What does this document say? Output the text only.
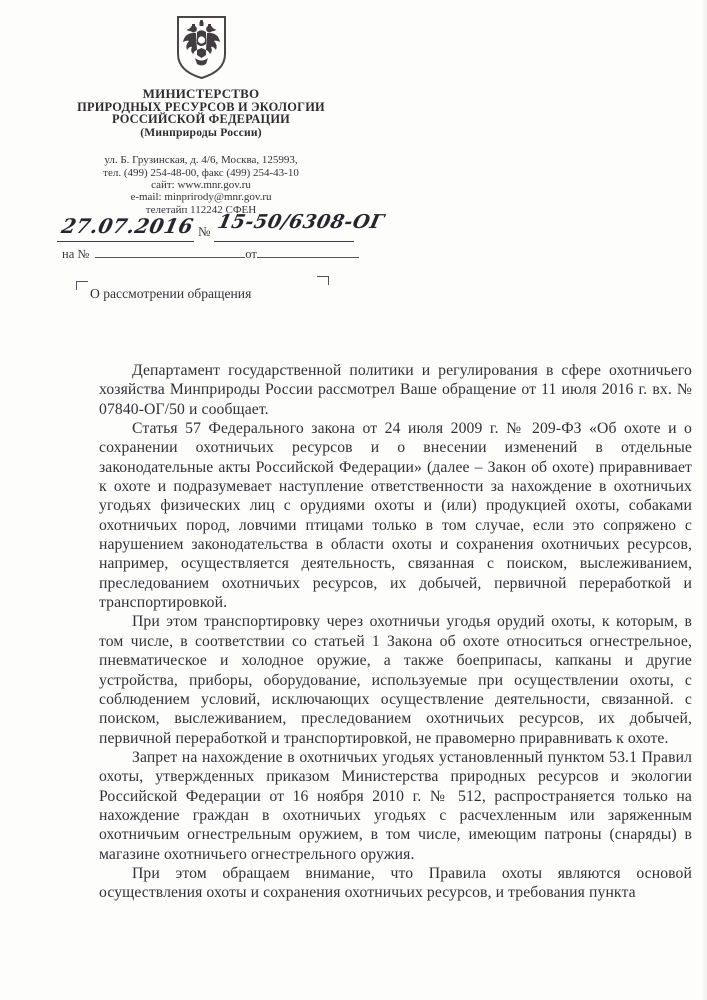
МИНИСТЕРСТВО
ПРИРОДНЫХ РЕСУРСОВ И ЭКОЛОГИИ
РОССИЙСКОЙ ФЕДЕРАЦИИ
(Минприроды России)
ул. Б. Грузинская, д. 4/6, Москва, 125993,
тел. (499) 254-48-00, факс (499) 254-43-10
сайт: www.mnr.gov.ru
e-mail: minprirody@mnr.gov.ru
телетайп 112242 СФЕН
27.07.2016 № 15-50/6308-ОГ
на №	от
О рассмотрении обращения

Департамент государственной политики и регулирования в сфере охотничьего хозяйства Минприроды России рассмотрел Ваше обращение от 11 июля 2016 г. вх. № 07840-ОГ/50 и сообщает.

Статья 57 Федерального закона от 24 июля 2009 г. № 209-ФЗ «Об охоте и о сохранении охотничьих ресурсов и о внесении изменений в отдельные законодательные акты Российской Федерации» (далее – Закон об охоте) приравнивает к охоте и подразумевает наступление ответственности за нахождение в охотничьих угодьях физических лиц с орудиями охоты и (или) продукцией охоты, собаками охотничьих пород, ловчими птицами только в том случае, если это сопряжено с нарушением законодательства в области охоты и сохранения охотничьих ресурсов, например, осуществляется деятельность, связанная с поиском, выслеживанием, преследованием охотничьих ресурсов, их добычей, первичной переработкой и транспортировкой.

При этом транспортировку через охотничьи угодья орудий охоты, к которым, в том числе, в соответствии со статьей 1 Закона об охоте относиться огнестрельное, пневматическое и холодное оружие, а также боеприпасы, капканы и другие устройства, приборы, оборудование, используемые при осуществлении охоты, с соблюдением условий, исключающих осуществление деятельности, связанной. с поиском, выслеживанием, преследованием охотничьих ресурсов, их добычей, первичной переработкой и транспортировкой, не правомерно приравнивать к охоте.

Запрет на нахождение в охотничьих угодьях установленный пунктом 53.1 Правил охоты, утвержденных приказом Министерства природных ресурсов и экологии Российской Федерации от 16 ноября 2010 г. № 512, распространяется только на нахождение граждан в охотничьих угодьях с расчехленным или заряженным охотничьим огнестрельным оружием, в том числе, имеющим патроны (снаряды) в магазине охотничьего огнестрельного оружия.

При этом обращаем внимание, что Правила охоты являются основой осуществления охоты и сохранения охотничьих ресурсов, и требования пункта
